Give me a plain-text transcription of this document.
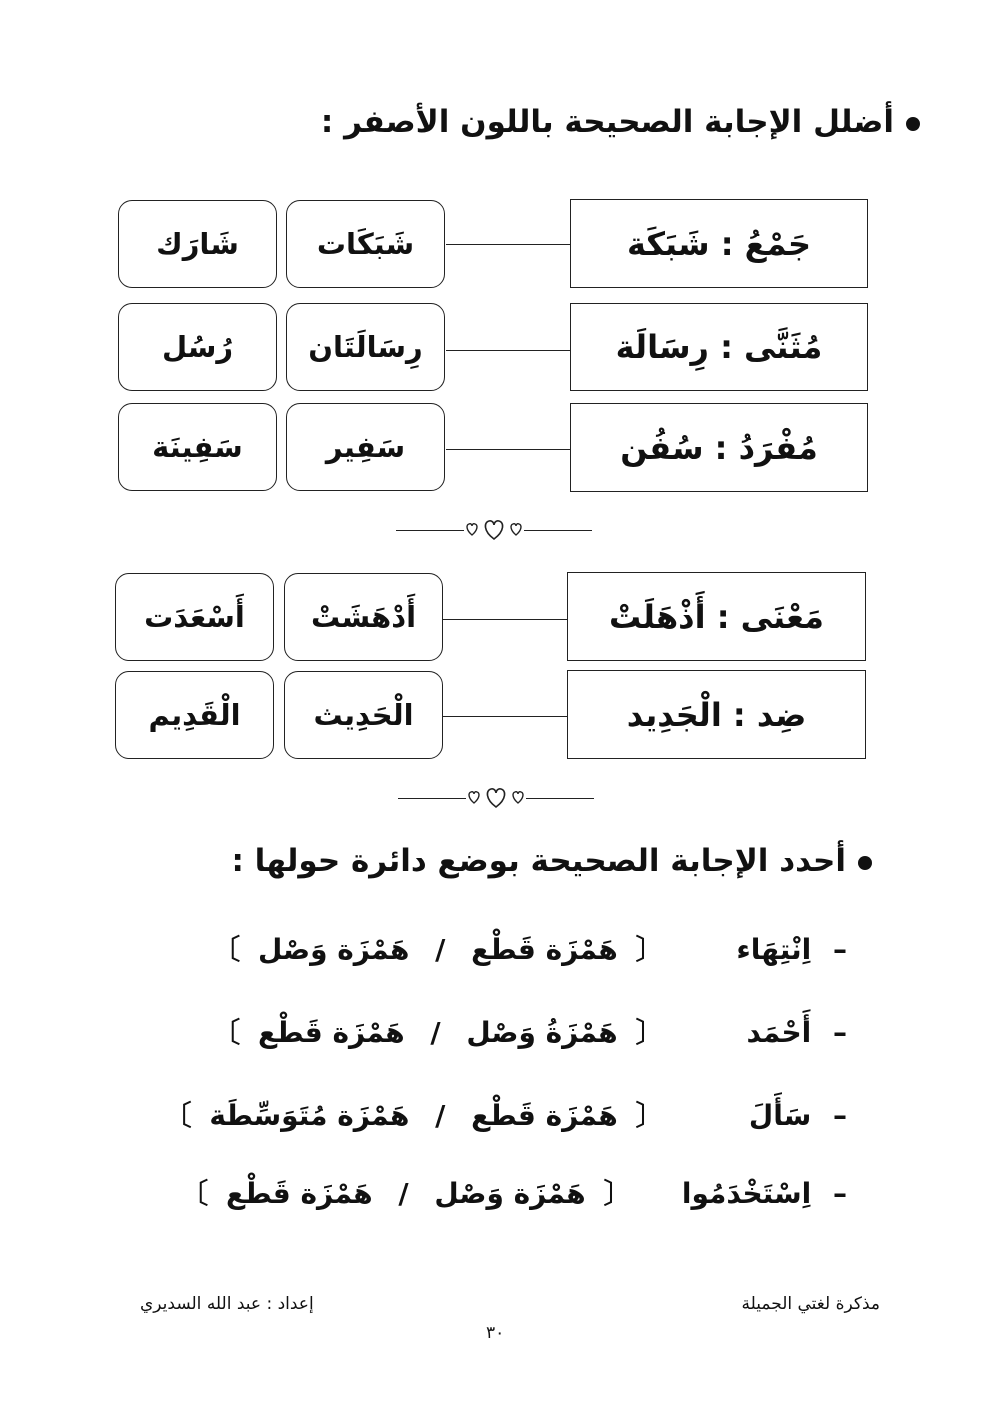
أضلل الإجابة الصحيحة باللون الأصفر :
جَمْعُ : شَبَكَة
شَبَكَات
شَارَك
مُثَنَّى : رِسَالَة
رِسَالَتَان
رُسُل
مُفْرَدُ : سُفُن
سَفِير
سَفِينَة
مَعْنَى : أَذْهَلَتْ
أَدْهَشَتْ
أَسْعَدَت
ضِد : الْجَدِيد
الْحَدِيث
الْقَدِيم
أحدد الإجابة الصحيحة بوضع دائرة حولها :
– اِنْتِهَاء 〔 هَمْزَة قَطْع / هَمْزَة وَصْل 〕
– أَحْمَد 〔 هَمْزَةُ وَصْل / هَمْزَة قَطْع 〕
– سَأَلَ 〔 هَمْزَة قَطْع / هَمْزَة مُتَوَسِّطَة 〕
– اِسْتَخْدَمُوا 〔 هَمْزَة وَصْل / هَمْزَة قَطْع 〕
مذكرة لغتي الجميلة
إعداد : عبد الله السديري
٣٠
